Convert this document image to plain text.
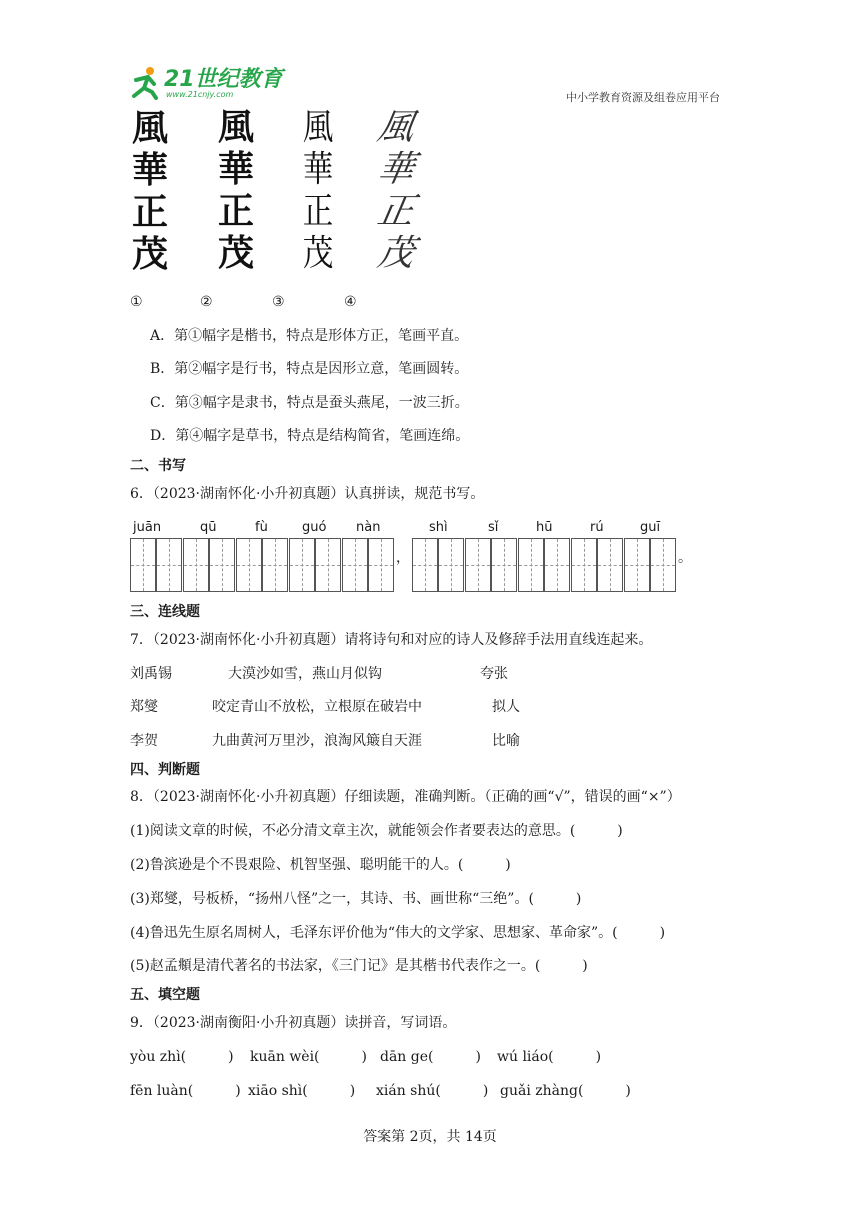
21世纪教育
www.21cnjy.com	中小学教育资源及组卷应用平台
風 風 風 風
華 華 華 華
正 正 正 正
茂 茂 茂 茂
①	②	③	④
A．第①幅字是楷书，特点是形体方正，笔画平直。
B．第②幅字是行书，特点是因形立意，笔画圆转。
C．第③幅字是隶书，特点是蚕头燕尾，一波三折。
D．第④幅字是草书，特点是结构简省，笔画连绵。
二、书写
6．（2023·湖南怀化·小升初真题）认真拼读，规范书写。
juān	qū	fù	guó nàn	shì	sǐ	hū	rú	guī
，	。
三、连线题
7．（2023·湖南怀化·小升初真题）请将诗句和对应的诗人及修辞手法用直线连起来。
刘禹锡	大漠沙如雪，燕山月似钩	夸张
郑燮	咬定青山不放松，立根原在破岩中	拟人
李贺	九曲黄河万里沙，浪淘风簸自天涯	比喻
四、判断题
8．（2023·湖南怀化·小升初真题）仔细读题，准确判断。（正确的画“√”，错误的画“×”）
(1)阅读文章的时候，不必分清文章主次，就能领会作者要表达的意思。(　　　)
(2)鲁滨逊是个不畏艰险、机智坚强、聪明能干的人。(　　　)
(3)郑燮，号板桥，“扬州八怪”之一，其诗、书、画世称“三绝”。(　　　)
(4)鲁迅先生原名周树人，毛泽东评价他为“伟大的文学家、思想家、革命家”。(　　　)
(5)赵孟頫是清代著名的书法家，《三门记》是其楷书代表作之一。(　　　)
五、填空题
9．（2023·湖南衡阳·小升初真题）读拼音，写词语。
yòu zhì(　　　) kuān wèi(　　　) dān ge(　　　) wú liáo(　　　)
fēn luàn(　　　) xiāo shì(　　　) xián shú(　　　) guǎi zhàng(　　　)
答案第 2页，共 14页
